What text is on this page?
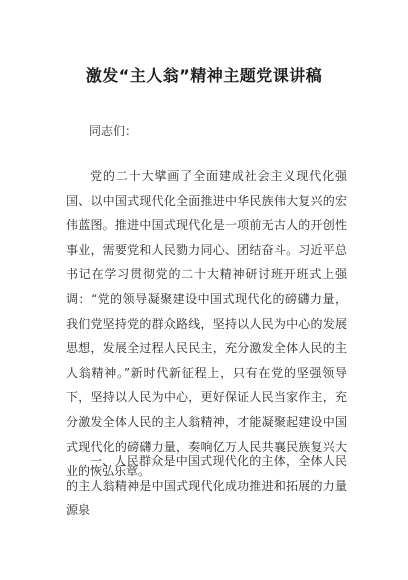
激发“主人翁”精神主题党课讲稿

同志们：

党的二十大擘画了全面建成社会主义现代化强国、以中国式现代化全面推进中华民族伟大复兴的宏伟蓝图。推进中国式现代化是一项前无古人的开创性事业，需要党和人民勠力同心、团结奋斗。习近平总书记在学习贯彻党的二十大精神研讨班开班式上强调：“党的领导凝聚建设中国式现代化的磅礴力量，我们党坚持党的群众路线，坚持以人民为中心的发展思想，发展全过程人民民主，充分激发全体人民的主人翁精神。”新时代新征程上，只有在党的坚强领导下，坚持以人民为中心，更好保证人民当家作主，充分激发全体人民的主人翁精神，才能凝聚起建设中国式现代化的磅礴力量，奏响亿万人民共襄民族复兴大业的恢弘乐章。

一、人民群众是中国式现代化的主体，全体人民的主人翁精神是中国式现代化成功推进和拓展的力量源泉
